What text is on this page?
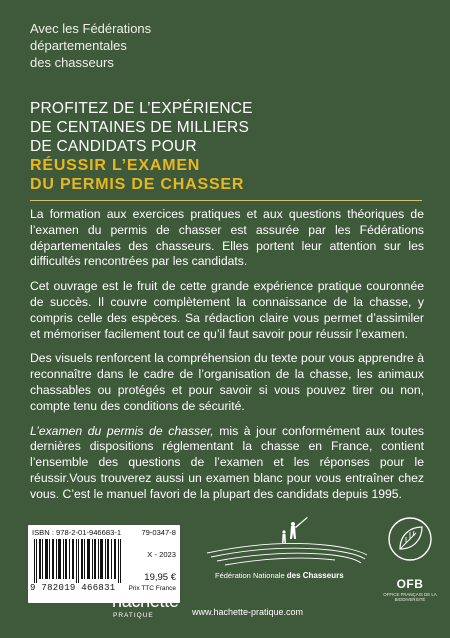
Avec les Fédérations
départementales
des chasseurs
PROFITEZ DE L’EXPÉRIENCE
DE CENTAINES DE MILLIERS
DE CANDIDATS POUR
RÉUSSIR L’EXAMEN
DU PERMIS DE CHASSER

La formation aux exercices pratiques et aux questions théoriques de l’examen du permis de chasser est assurée par les Fédérations départementales des chasseurs. Elles portent leur attention sur les difficultés rencontrées par les candidats.

Cet ouvrage est le fruit de cette grande expérience pratique couronnée de succès. Il couvre complètement la connaissance de la chasse, y compris celle des espèces. Sa rédaction claire vous permet d’assimiler et mémoriser facilement tout ce qu’il faut savoir pour réussir l’examen.

Des visuels renforcent la compréhension du texte pour vous apprendre à reconnaître dans le cadre de l’organisation de la chasse, les animaux chassables ou protégés et pour savoir si vous pouvez tirer ou non, compte tenu des conditions de sécurité.

L’examen du permis de chasser, mis à jour conformément aux toutes dernières dispositions réglementant la chasse en France, contient l’ensemble des questions de l’examen et les réponses pour le réussir.Vous trouverez aussi un examen blanc pour vous entraîner chez vous. C’est le manuel favori de la plupart des candidats depuis 1995.

ISBN : 978-2-01-946683-1	79-0347-8
X - 2023
9 782019 466831
19,95 €
Prix TTC France
Fédération Nationale des Chasseurs
OFB
OFFICE FRANÇAIS DE LA BIODIVERSITÉ
hachette
PRATIQUE	www.hachette-pratique.com
